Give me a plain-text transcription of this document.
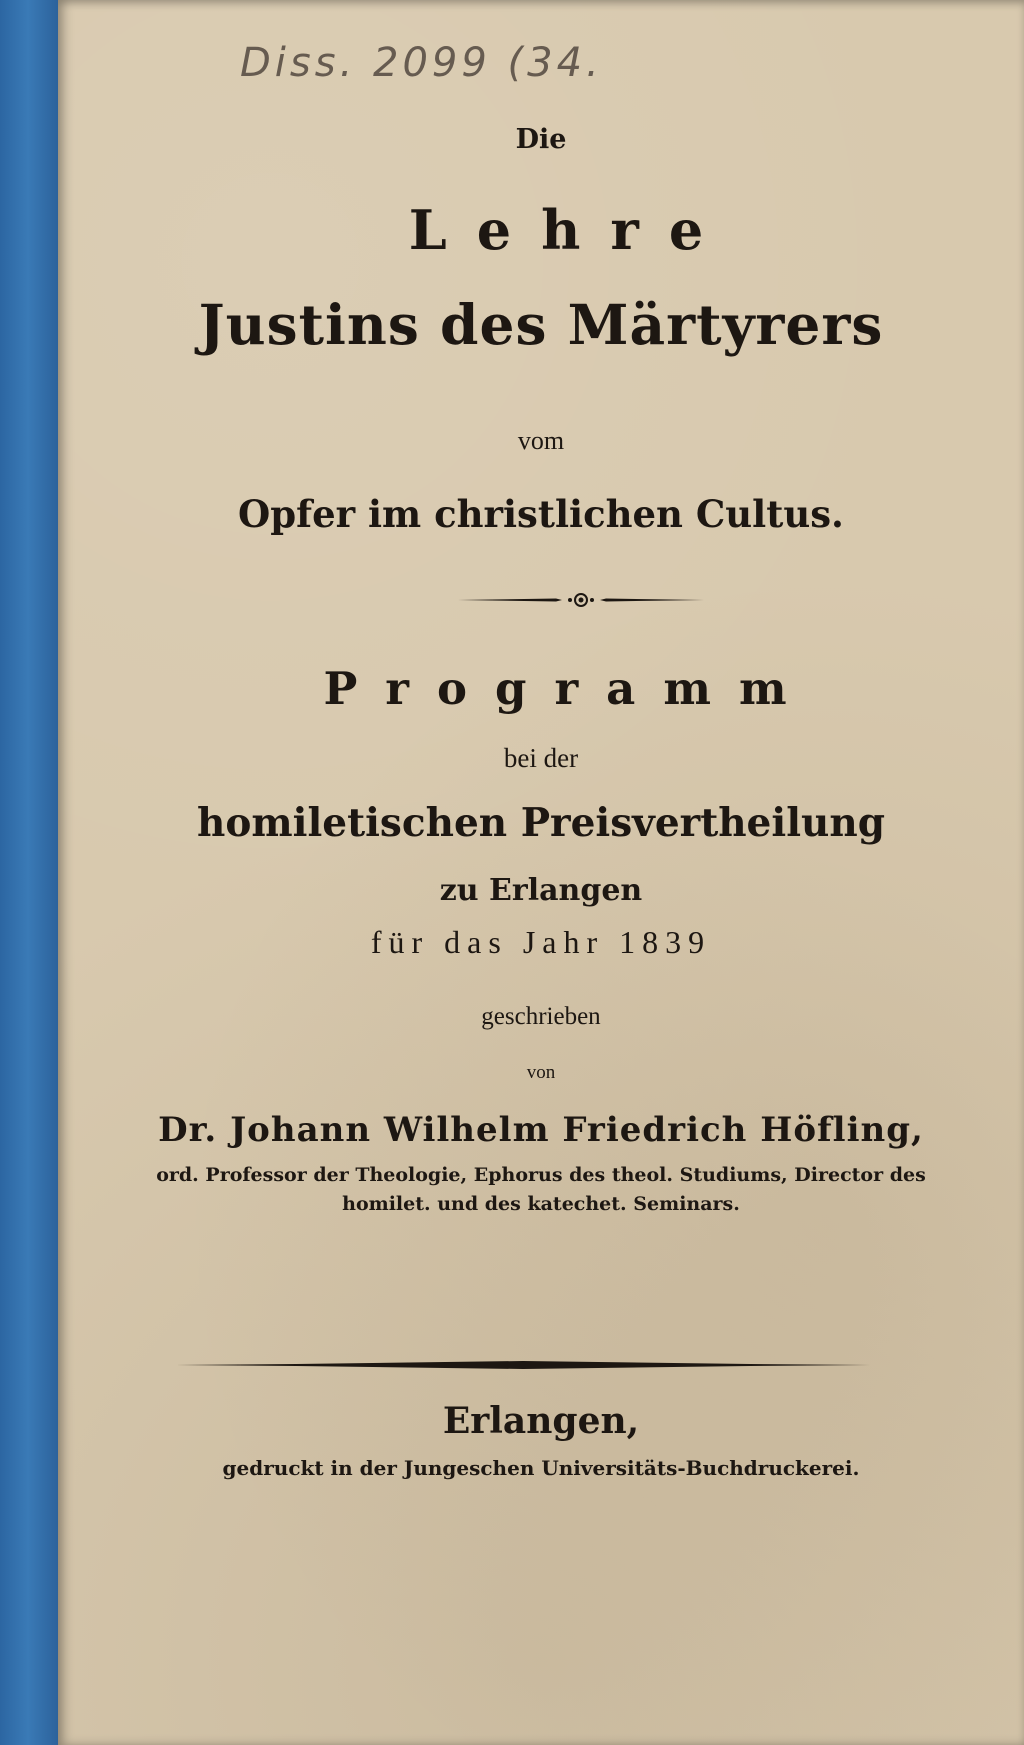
Diss. 2099 (34.

Die

Lehre

Justins des Märtyrers

vom

Opfer im christlichen Cultus.

Programm

bei der

homiletischen Preisvertheilung

zu Erlangen

für das Jahr 1839

geschrieben

von

Dr. Johann Wilhelm Friedrich Höfling,

ord. Professor der Theologie, Ephorus des theol. Studiums, Director des

homilet. und des katechet. Seminars.

Erlangen,

gedruckt in der Jungeschen Universitäts-Buchdruckerei.
